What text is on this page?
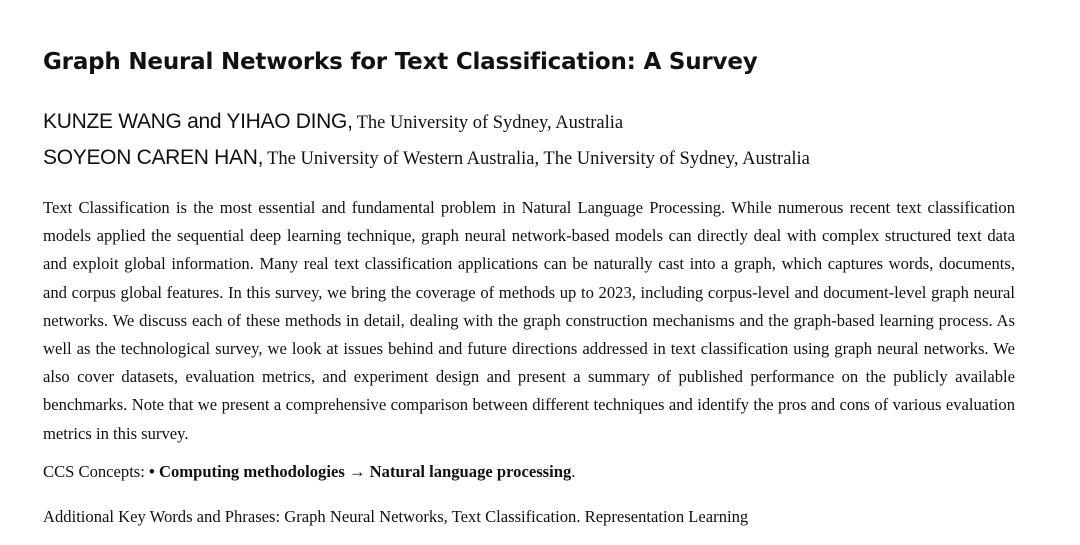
Graph Neural Networks for Text Classification: A Survey
KUNZE WANG and YIHAO DING, The University of Sydney, Australia
SOYEON CAREN HAN, The University of Western Australia, The University of Sydney, Australia

Text Classification is the most essential and fundamental problem in Natural Language Processing. While numerous recent text classification models applied the sequential deep learning technique, graph neural network-based models can directly deal with complex structured text data and exploit global information. Many real text classification applications can be naturally cast into a graph, which captures words, documents, and corpus global features. In this survey, we bring the coverage of methods up to 2023, including corpus-level and document-level graph neural networks. We discuss each of these methods in detail, dealing with the graph construction mechanisms and the graph-based learning process. As well as the technological survey, we look at issues behind and future directions addressed in text classification using graph neural networks. We also cover datasets, evaluation metrics, and experiment design and present a summary of published performance on the publicly available benchmarks. Note that we present a comprehensive comparison between different techniques and identify the pros and cons of various evaluation metrics in this survey.

CCS Concepts: • Computing methodologies → Natural language processing.

Additional Key Words and Phrases: Graph Neural Networks, Text Classification. Representation Learning
